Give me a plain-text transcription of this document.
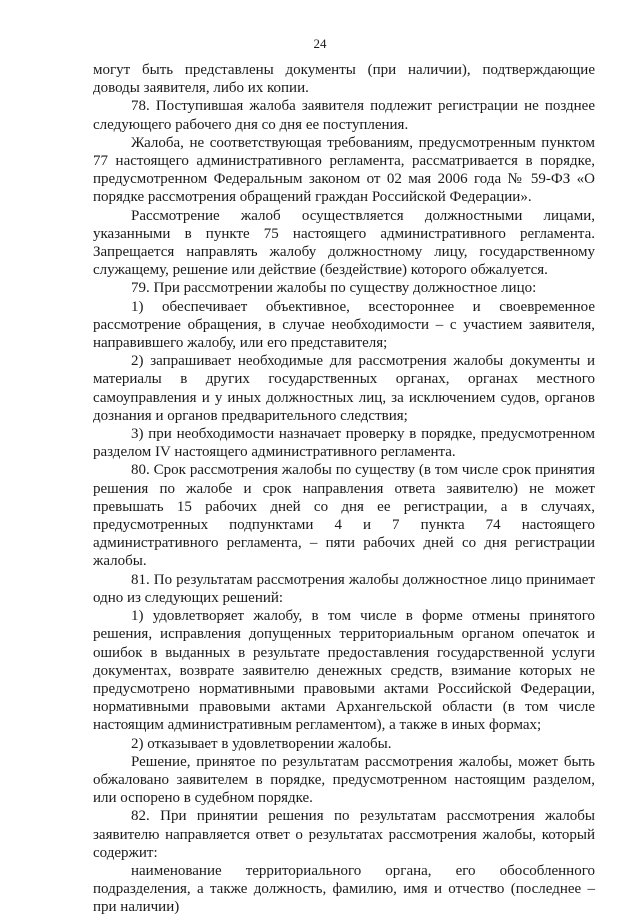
24

могут быть представлены документы (при наличии), подтверждающие доводы заявителя, либо их копии.

78. Поступившая жалоба заявителя подлежит регистрации не позднее следующего рабочего дня со дня ее поступления.

Жалоба, не соответствующая требованиям, предусмотренным пунктом 77 настоящего административного регламента, рассматривается в порядке, предусмотренном Федеральным законом от 02 мая 2006 года № 59-ФЗ «О порядке рассмотрения обращений граждан Российской Федерации».

Рассмотрение жалоб осуществляется должностными лицами, указанными в пункте 75 настоящего административного регламента. Запрещается направлять жалобу должностному лицу, государственному служащему, решение или действие (бездействие) которого обжалуется.

79. При рассмотрении жалобы по существу должностное лицо:

1) обеспечивает объективное, всестороннее и своевременное рассмотрение обращения, в случае необходимости – с участием заявителя, направившего жалобу, или его представителя;

2) запрашивает необходимые для рассмотрения жалобы документы и материалы в других государственных органах, органах местного самоуправления и у иных должностных лиц, за исключением судов, органов дознания и органов предварительного следствия;

3) при необходимости назначает проверку в порядке, предусмотренном разделом IV настоящего административного регламента.

80. Срок рассмотрения жалобы по существу (в том числе срок принятия решения по жалобе и срок направления ответа заявителю) не может превышать 15 рабочих дней со дня ее регистрации, а в случаях, предусмотренных подпунктами 4 и 7 пункта 74 настоящего административного регламента, – пяти рабочих дней со дня регистрации жалобы.

81. По результатам рассмотрения жалобы должностное лицо принимает одно из следующих решений:

1) удовлетворяет жалобу, в том числе в форме отмены принятого решения, исправления допущенных территориальным органом опечаток и ошибок в выданных в результате предоставления государственной услуги документах, возврате заявителю денежных средств, взимание которых не предусмотрено нормативными правовыми актами Российской Федерации, нормативными правовыми актами Архангельской области (в том числе настоящим административным регламентом), а также в иных формах;

2) отказывает в удовлетворении жалобы.

Решение, принятое по результатам рассмотрения жалобы, может быть обжаловано заявителем в порядке, предусмотренном настоящим разделом, или оспорено в судебном порядке.

82. При принятии решения по результатам рассмотрения жалобы заявителю направляется ответ о результатах рассмотрения жалобы, который содержит:

наименование территориального органа, его обособленного подразделения, а также должность, фамилию, имя и отчество (последнее – при наличии)
